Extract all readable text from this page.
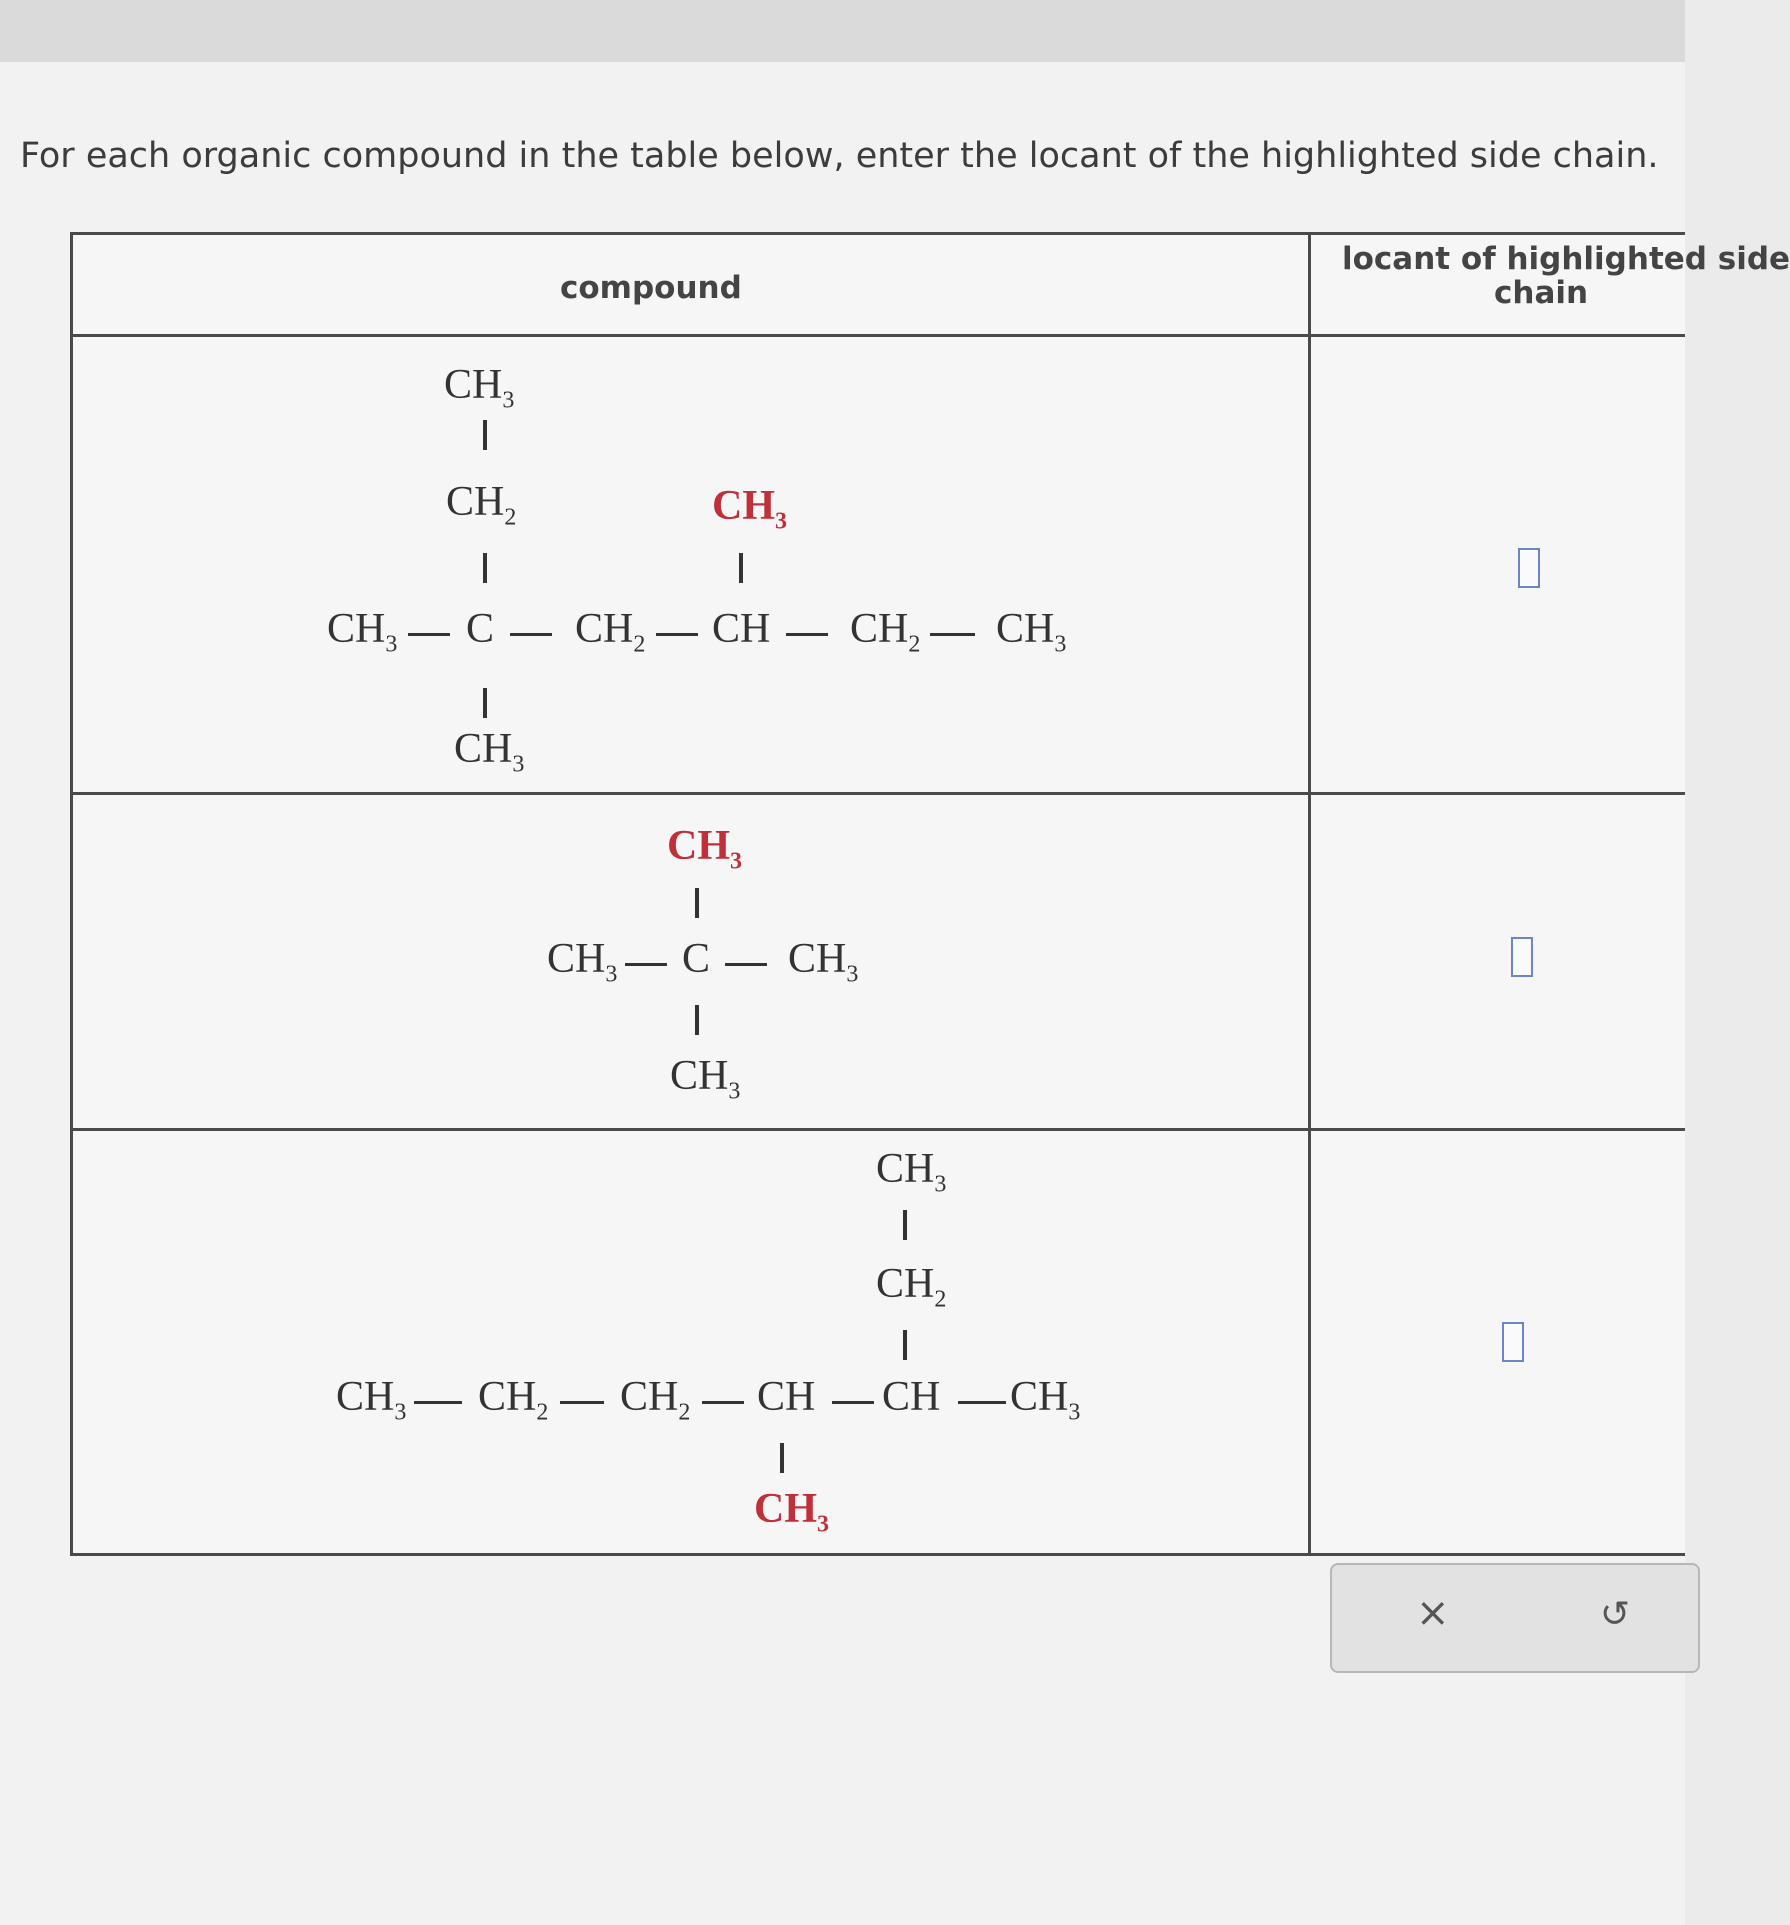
For each organic compound in the table below, enter the locant of the highlighted side chain.
compound
locant of highlighted side
chain
$CH_3$
$CH_2$	$CH_3$
$CH_3$ C $CH_2$ CH $CH_2$ $CH_3$
$CH_3$
$CH_3$
$CH_3$ C $CH_3$
$CH_3$
$CH_3$
$CH_2$
$CH_3$ $CH_2$ $CH_2$ CH CH $CH_3$
$CH_3$
×	↺
